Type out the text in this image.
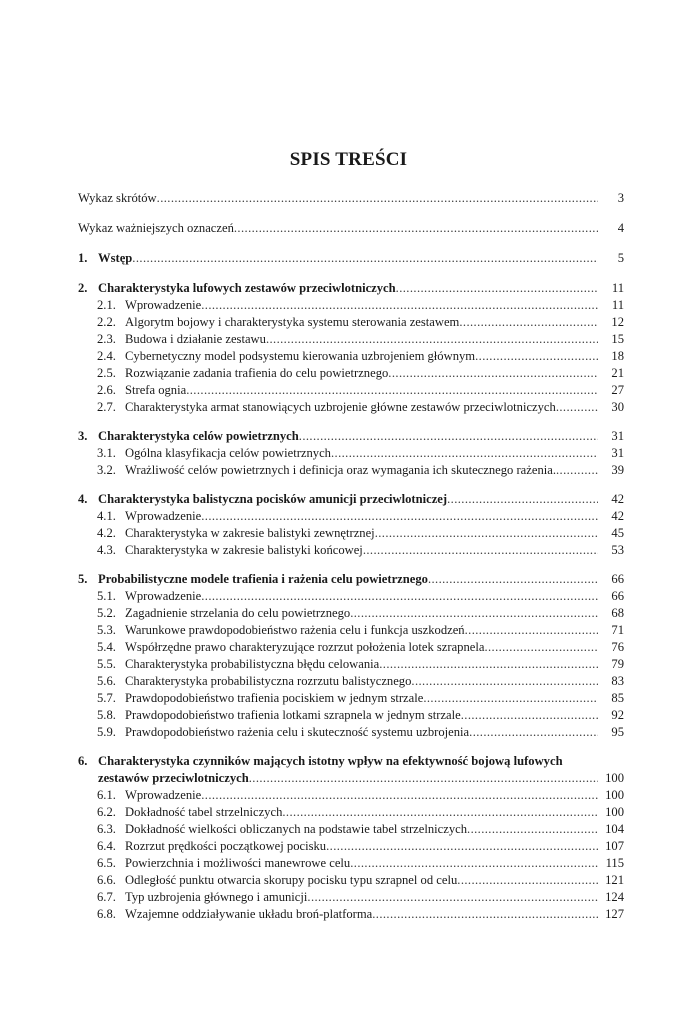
SPIS TREŚCI
Wykaz skrótów .....	3
Wykaz ważniejszych oznaczeń .....	4
1. Wstęp .....	5
2. Charakterystyka lufowych zestawów przeciwlotniczych .....	11
2.1. Wprowadzenie .....	11
2.2. Algorytm bojowy i charakterystyka systemu sterowania zestawem .....	12
2.3. Budowa i działanie zestawu .....	15
2.4. Cybernetyczny model podsystemu kierowania uzbrojeniem głównym .....	18
2.5. Rozwiązanie zadania trafienia do celu powietrznego .....	21
2.6. Strefa ognia .....	27
2.7. Charakterystyka armat stanowiących uzbrojenie główne zestawów przeciwlotniczych .....	30
3. Charakterystyka celów powietrznych .....	31
3.1. Ogólna klasyfikacja celów powietrznych .....	31
3.2. Wrażliwość celów powietrznych i definicja oraz wymagania ich skutecznego rażenia. .....	39
4. Charakterystyka balistyczna pocisków amunicji przeciwlotniczej .....	42
4.1. Wprowadzenie .....	42
4.2. Charakterystyka w zakresie balistyki zewnętrznej .....	45
4.3. Charakterystyka w zakresie balistyki końcowej .....	53
5. Probabilistyczne modele trafienia i rażenia celu powietrznego .....	66
5.1. Wprowadzenie .....	66
5.2. Zagadnienie strzelania do celu powietrznego .....	68
5.3. Warunkowe prawdopodobieństwo rażenia celu i funkcja uszkodzeń .....	71
5.4. Współrzędne prawo charakteryzujące rozrzut położenia lotek szrapnela .....	76
5.5. Charakterystyka probabilistyczna błędu celowania .....	79
5.6. Charakterystyka probabilistyczna rozrzutu balistycznego .....	83
5.7. Prawdopodobieństwo trafienia pociskiem w jednym strzale .....	85
5.8. Prawdopodobieństwo trafienia lotkami szrapnela w jednym strzale .....	92
5.9. Prawdopodobieństwo rażenia celu i skuteczność systemu uzbrojenia .....	95
6. Charakterystyka czynników mających istotny wpływ na efektywność bojową lufowych
zestawów przeciwlotniczych .....	100
6.1. Wprowadzenie .....	100
6.2. Dokładność tabel strzelniczych .....	100
6.3. Dokładność wielkości obliczanych na podstawie tabel strzelniczych .....	104
6.4. Rozrzut prędkości początkowej pocisku .....	107
6.5. Powierzchnia i możliwości manewrowe celu .....	115
6.6. Odległość punktu otwarcia skorupy pocisku typu szrapnel od celu .....	121
6.7. Typ uzbrojenia głównego i amunicji .....	124
6.8. Wzajemne oddziaływanie układu broń-platforma .....	127
